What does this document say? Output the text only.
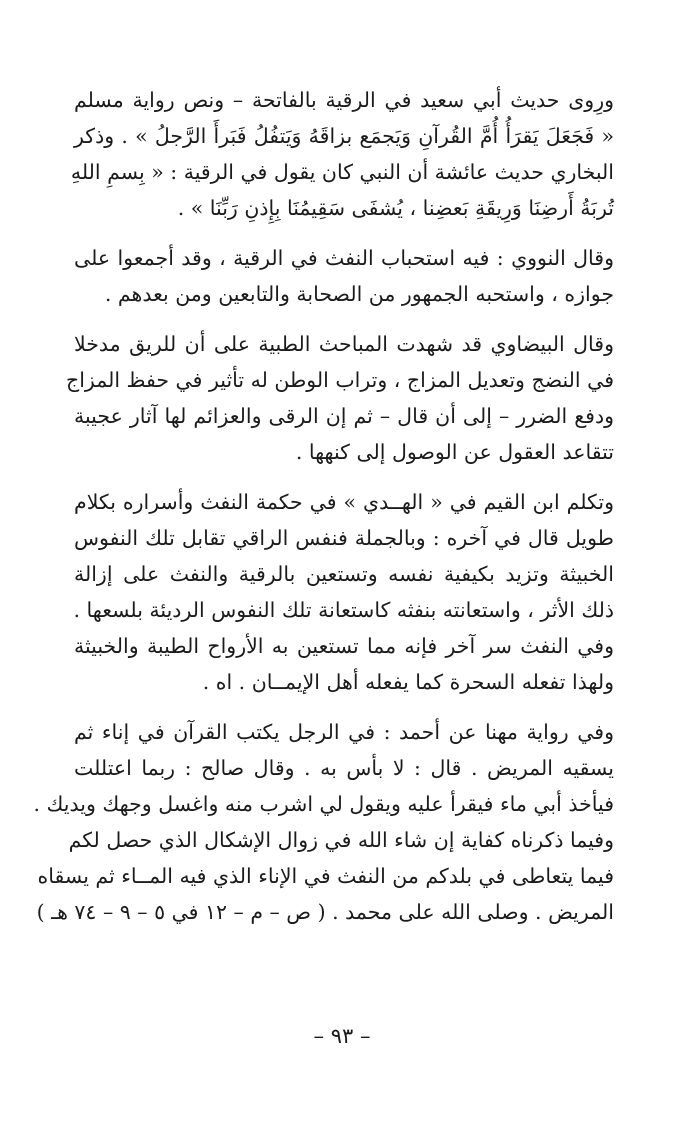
ورِوى حديث أبي سعيد في الرقية بالفاتحة – ونص رواية مسلم
« فَجَعَلَ يَقرَأُ أُمَّ القُرآنِ وَيَجمَع بزاقَهُ وَيَتفُلُ فَبَرأَ الرَّجلُ » . وذكر
البخاري حديث عائشة أن النبي كان يقول في الرقية : « بِسمِ اللهِ
تُربَةُ أَرضِنَا وَرِيقَةِ بَعضِنا ، يُشفَى سَقِيمُنَا بِإِذنِ رَبِّنَا » .
وقال النووي : فيه استحباب النفث في الرقية ، وقد أجمعوا على
جوازه ، واستحبه الجمهور من الصحابة والتابعين ومن بعدهم .
وقال البيضاوي قد شهدت المباحث الطبية على أن للريق مدخلا
في النضج وتعديل المزاج ، وتراب الوطن له تأثير في حفظ المزاج
ودفع الضرر – إلى أن قال – ثم إن الرقى والعزائم لها آثار عجيبة
تتقاعد العقول عن الوصول إلى كنهها .
وتكلم ابن القيم في « الهــدي » في حكمة النفث وأسراره بكلام
طويل قال في آخره : وبالجملة فنفس الراقي تقابل تلك النفوس
الخبيثة وتزيد بكيفية نفسه وتستعين بالرقية والنفث على إزالة
ذلك الأثر ، واستعانته بنفثه كاستعانة تلك النفوس الرديئة بلسعها .
وفي النفث سر آخر فإنه مما تستعين به الأرواح الطيبة والخبيثة
ولهذا تفعله السحرة كما يفعله أهل الإيمــان . اه .
وفي رواية مهنا عن أحمد : في الرجل يكتب القرآن في إناء ثم
يسقيه المريض . قال : لا بأس به . وقال صالح : ربما اعتللت
فيأخذ أبي ماء فيقرأ عليه ويقول لي اشرب منه واغسل وجهك ويديك .
وفيما ذكرناه كفاية إن شاء الله في زوال الإشكال الذي حصل لكم
فيما يتعاطى في بلدكم من النفث في الإناء الذي فيه المــاء ثم يسقاه
المريض . وصلى الله على محمد . ( ص – م – ١٢ في ٥ – ٩ – ٧٤ هـ )
– ٩٣ –
